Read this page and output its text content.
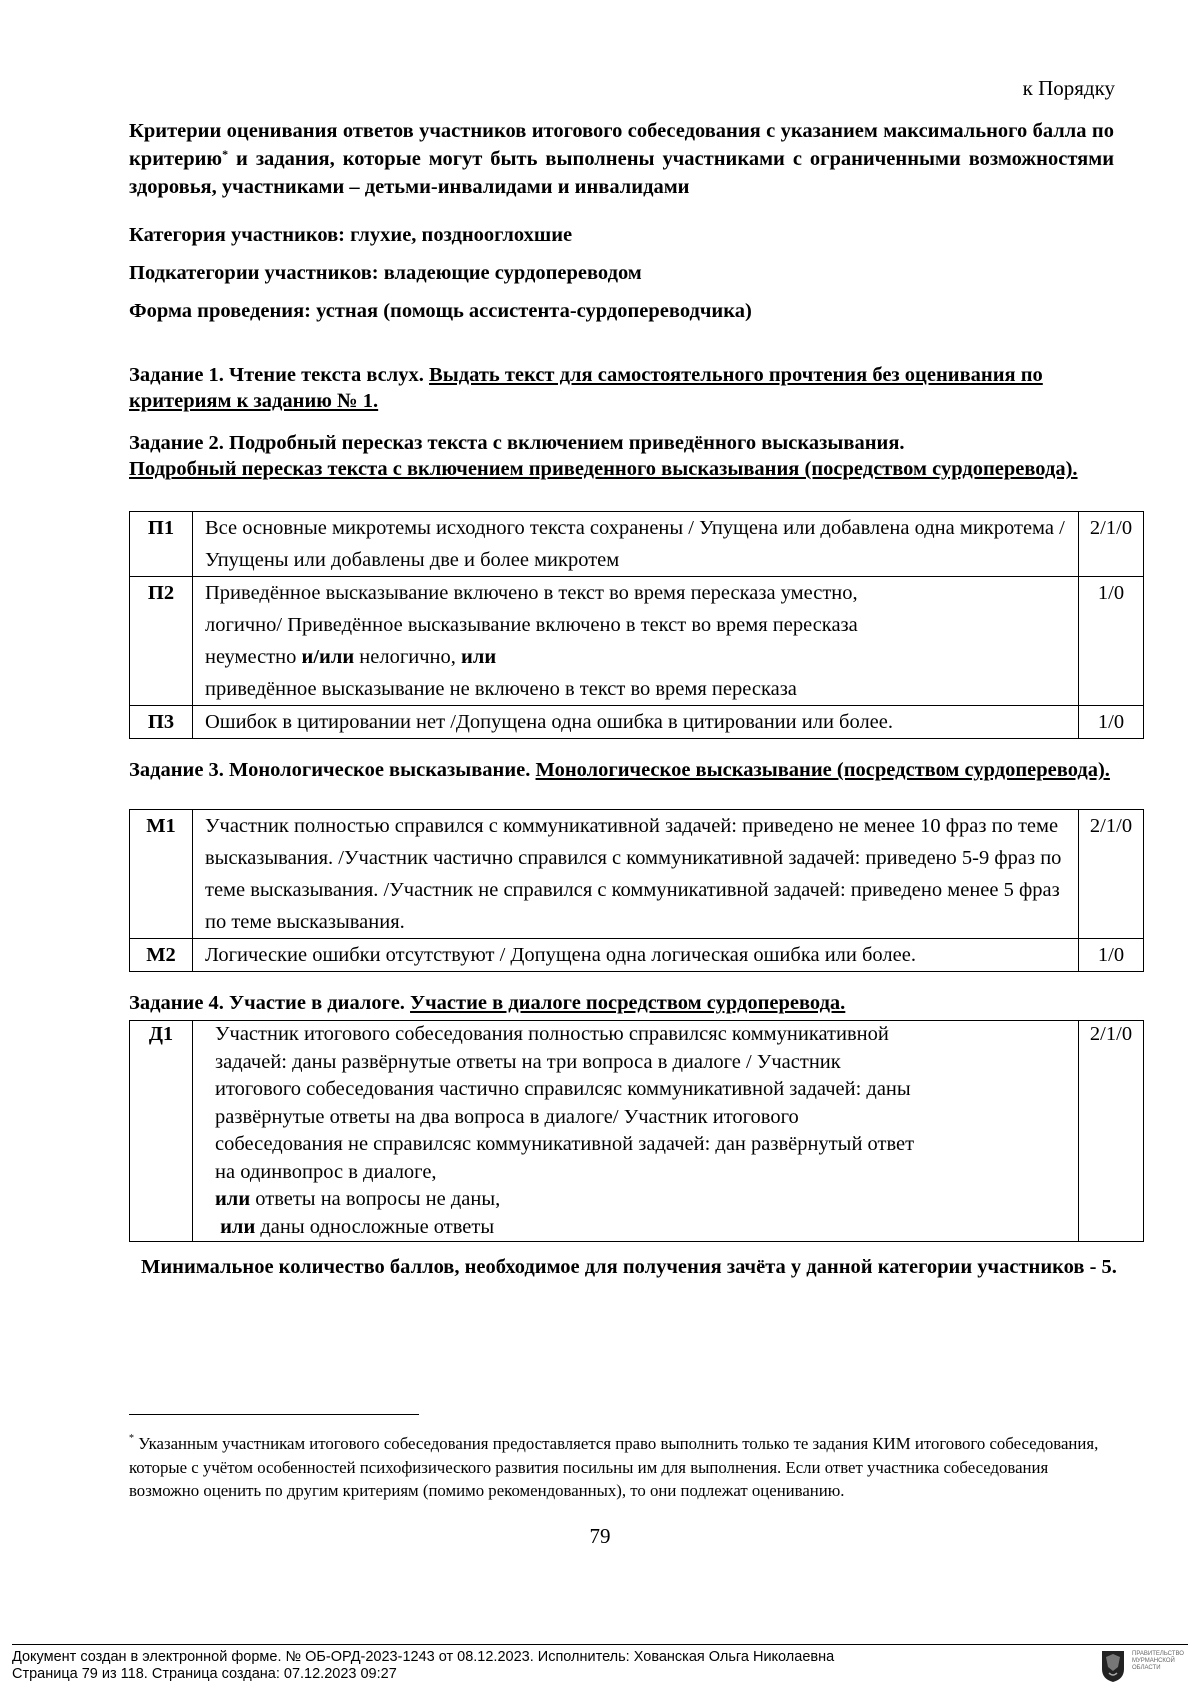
к Порядку
Критерии оценивания ответов участников итогового собеседования с указанием максимального балла по критерию* и задания, которые могут быть выполнены участниками с ограниченными возможностями здоровья, участниками – детьми-инвалидами и инвалидами
Категория участников: глухие, позднооглохшие
Подкатегории участников: владеющие сурдопереводом
Форма проведения: устная (помощь ассистента-сурдопереводчика)
Задание 1. Чтение текста вслух. Выдать текст для самостоятельного прочтения без оценивания по критериям к заданию № 1.
Задание 2. Подробный пересказ текста с включением приведённого высказывания.
Подробный пересказ текста с включением приведенного высказывания (посредством сурдоперевода).
П1	Все основные микротемы исходного текста сохранены / Упущена или добавлена одна микротема / Упущены или добавлены две и более микротем	2/1/0
П2	Приведённое высказывание включено в текст во время пересказа уместно,
логично/ Приведённое высказывание включено в текст во время пересказа
неуместно и/или нелогично, или
приведённое высказывание не включено в текст во время пересказа	1/0
П3	Ошибок в цитировании нет /Допущена одна ошибка в цитировании или более.	1/0
Задание 3. Монологическое высказывание. Монологическое высказывание (посредством сурдоперевода).
М1	Участник полностью справился с коммуникативной задачей: приведено не менее 10 фраз по теме высказывания. /Участник частично справился с коммуникативной задачей: приведено 5-9 фраз по теме высказывания. /Участник не справился с коммуникативной задачей: приведено менее 5 фраз по теме высказывания.	2/1/0
М2	Логические ошибки отсутствуют / Допущена одна логическая ошибка или более.	1/0
Задание 4. Участие в диалоге. Участие в диалоге посредством сурдоперевода.
Д1	Участник итогового собеседования полностью справилсяс коммуникативной
задачей: даны развёрнутые ответы на три вопроса в диалоге / Участник
итогового собеседования частично справилсяс коммуникативной задачей: даны
развёрнутые ответы на два вопроса в диалоге/ Участник итогового
собеседования не справилсяс коммуникативной задачей: дан развёрнутый ответ
на одинвопрос в диалоге,
или ответы на вопросы не даны,
или даны односложные ответы	2/1/0
Минимальное количество баллов, необходимое для получения зачёта у данной категории участников - 5.
* Указанным участникам итогового собеседования предоставляется право выполнить только те задания КИМ итогового собеседования, которые с учётом особенностей психофизического развития посильны им для выполнения. Если ответ участника собеседования возможно оценить по другим критериям (помимо рекомендованных), то они подлежат оцениванию.
79
Документ создан в электронной форме. № ОБ-ОРД-2023-1243 от 08.12.2023. Исполнитель: Хованская Ольга Николаевна
Страница 79 из 118. Страница создана: 07.12.2023 09:27
ПРАВИТЕЛЬСТВО МУРМАНСКОЙ ОБЛАСТИ
